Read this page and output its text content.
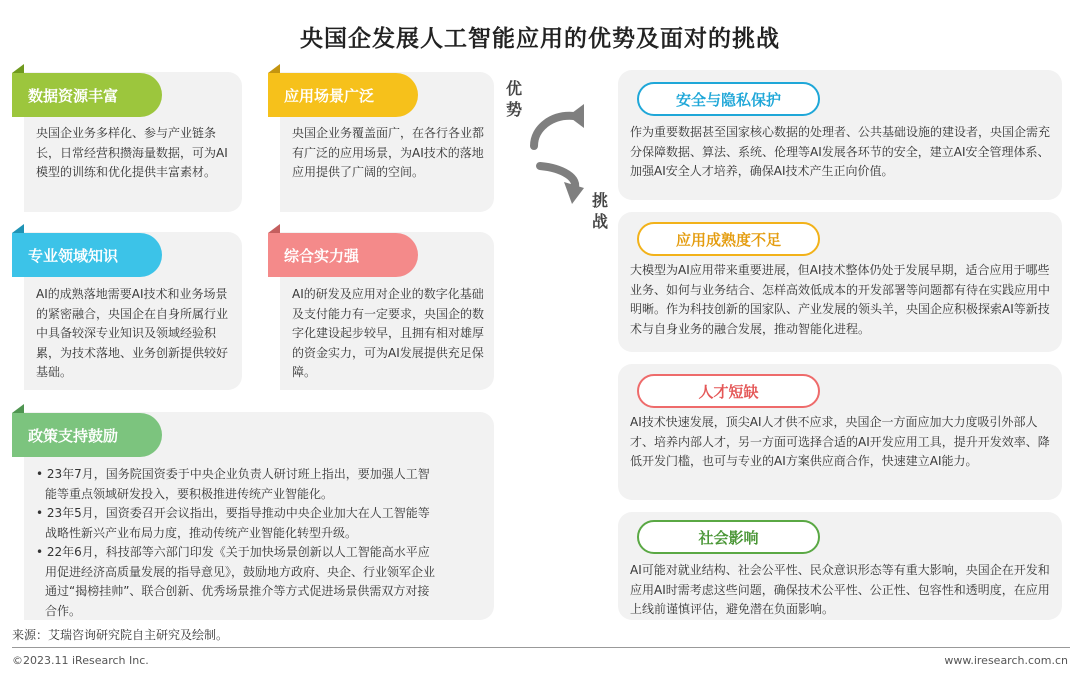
央国企发展人工智能应用的优势及面对的挑战
数据资源丰富
央国企业务多样化、参与产业链条长，日常经营积攒海量数据，可为AI模型的训练和优化提供丰富素材。
应用场景广泛
央国企业务覆盖面广，在各行各业都有广泛的应用场景，为AI技术的落地应用提供了广阔的空间。
专业领域知识
AI的成熟落地需要AI技术和业务场景的紧密融合，央国企在自身所属行业中具备较深专业知识及领域经验积累，为技术落地、业务创新提供较好基础。
综合实力强
AI的研发及应用对企业的数字化基础及支付能力有一定要求，央国企的数字化建设起步较早，且拥有相对雄厚的资金实力，可为AI发展提供充足保障。
政策支持鼓励
• 23年7月，国务院国资委于中央企业负责人研讨班上指出，要加强人工智能等重点领域研发投入，要积极推进传统产业智能化。
• 23年5月，国资委召开会议指出，要指导推动中央企业加大在人工智能等战略性新兴产业布局力度，推动传统产业智能化转型升级。
• 22年6月，科技部等六部门印发《关于加快场景创新以人工智能高水平应用促进经济高质量发展的指导意见》，鼓励地方政府、央企、行业领军企业通过“揭榜挂帅”、联合创新、优秀场景推介等方式促进场景供需双方对接合作。
优势
挑战
安全与隐私保护
作为重要数据甚至国家核心数据的处理者、公共基础设施的建设者，央国企需充分保障数据、算法、系统、伦理等AI发展各环节的安全，建立AI安全管理体系、加强AI安全人才培养，确保AI技术产生正向价值。
应用成熟度不足
大模型为AI应用带来重要进展，但AI技术整体仍处于发展早期，适合应用于哪些业务、如何与业务结合、怎样高效低成本的开发部署等问题都有待在实践应用中明晰。作为科技创新的国家队、产业发展的领头羊，央国企应积极探索AI等新技术与自身业务的融合发展，推动智能化进程。
人才短缺
AI技术快速发展，顶尖AI人才供不应求，央国企一方面应加大力度吸引外部人才、培养内部人才，另一方面可选择合适的AI开发应用工具，提升开发效率、降低开发门槛，也可与专业的AI方案供应商合作，快速建立AI能力。
社会影响
AI可能对就业结构、社会公平性、民众意识形态等有重大影响，央国企在开发和应用AI时需考虑这些问题，确保技术公平性、公正性、包容性和透明度，在应用上线前谨慎评估，避免潜在负面影响。
来源：艾瑞咨询研究院自主研究及绘制。
©2023.11 iResearch Inc.	www.iresearch.com.cn
